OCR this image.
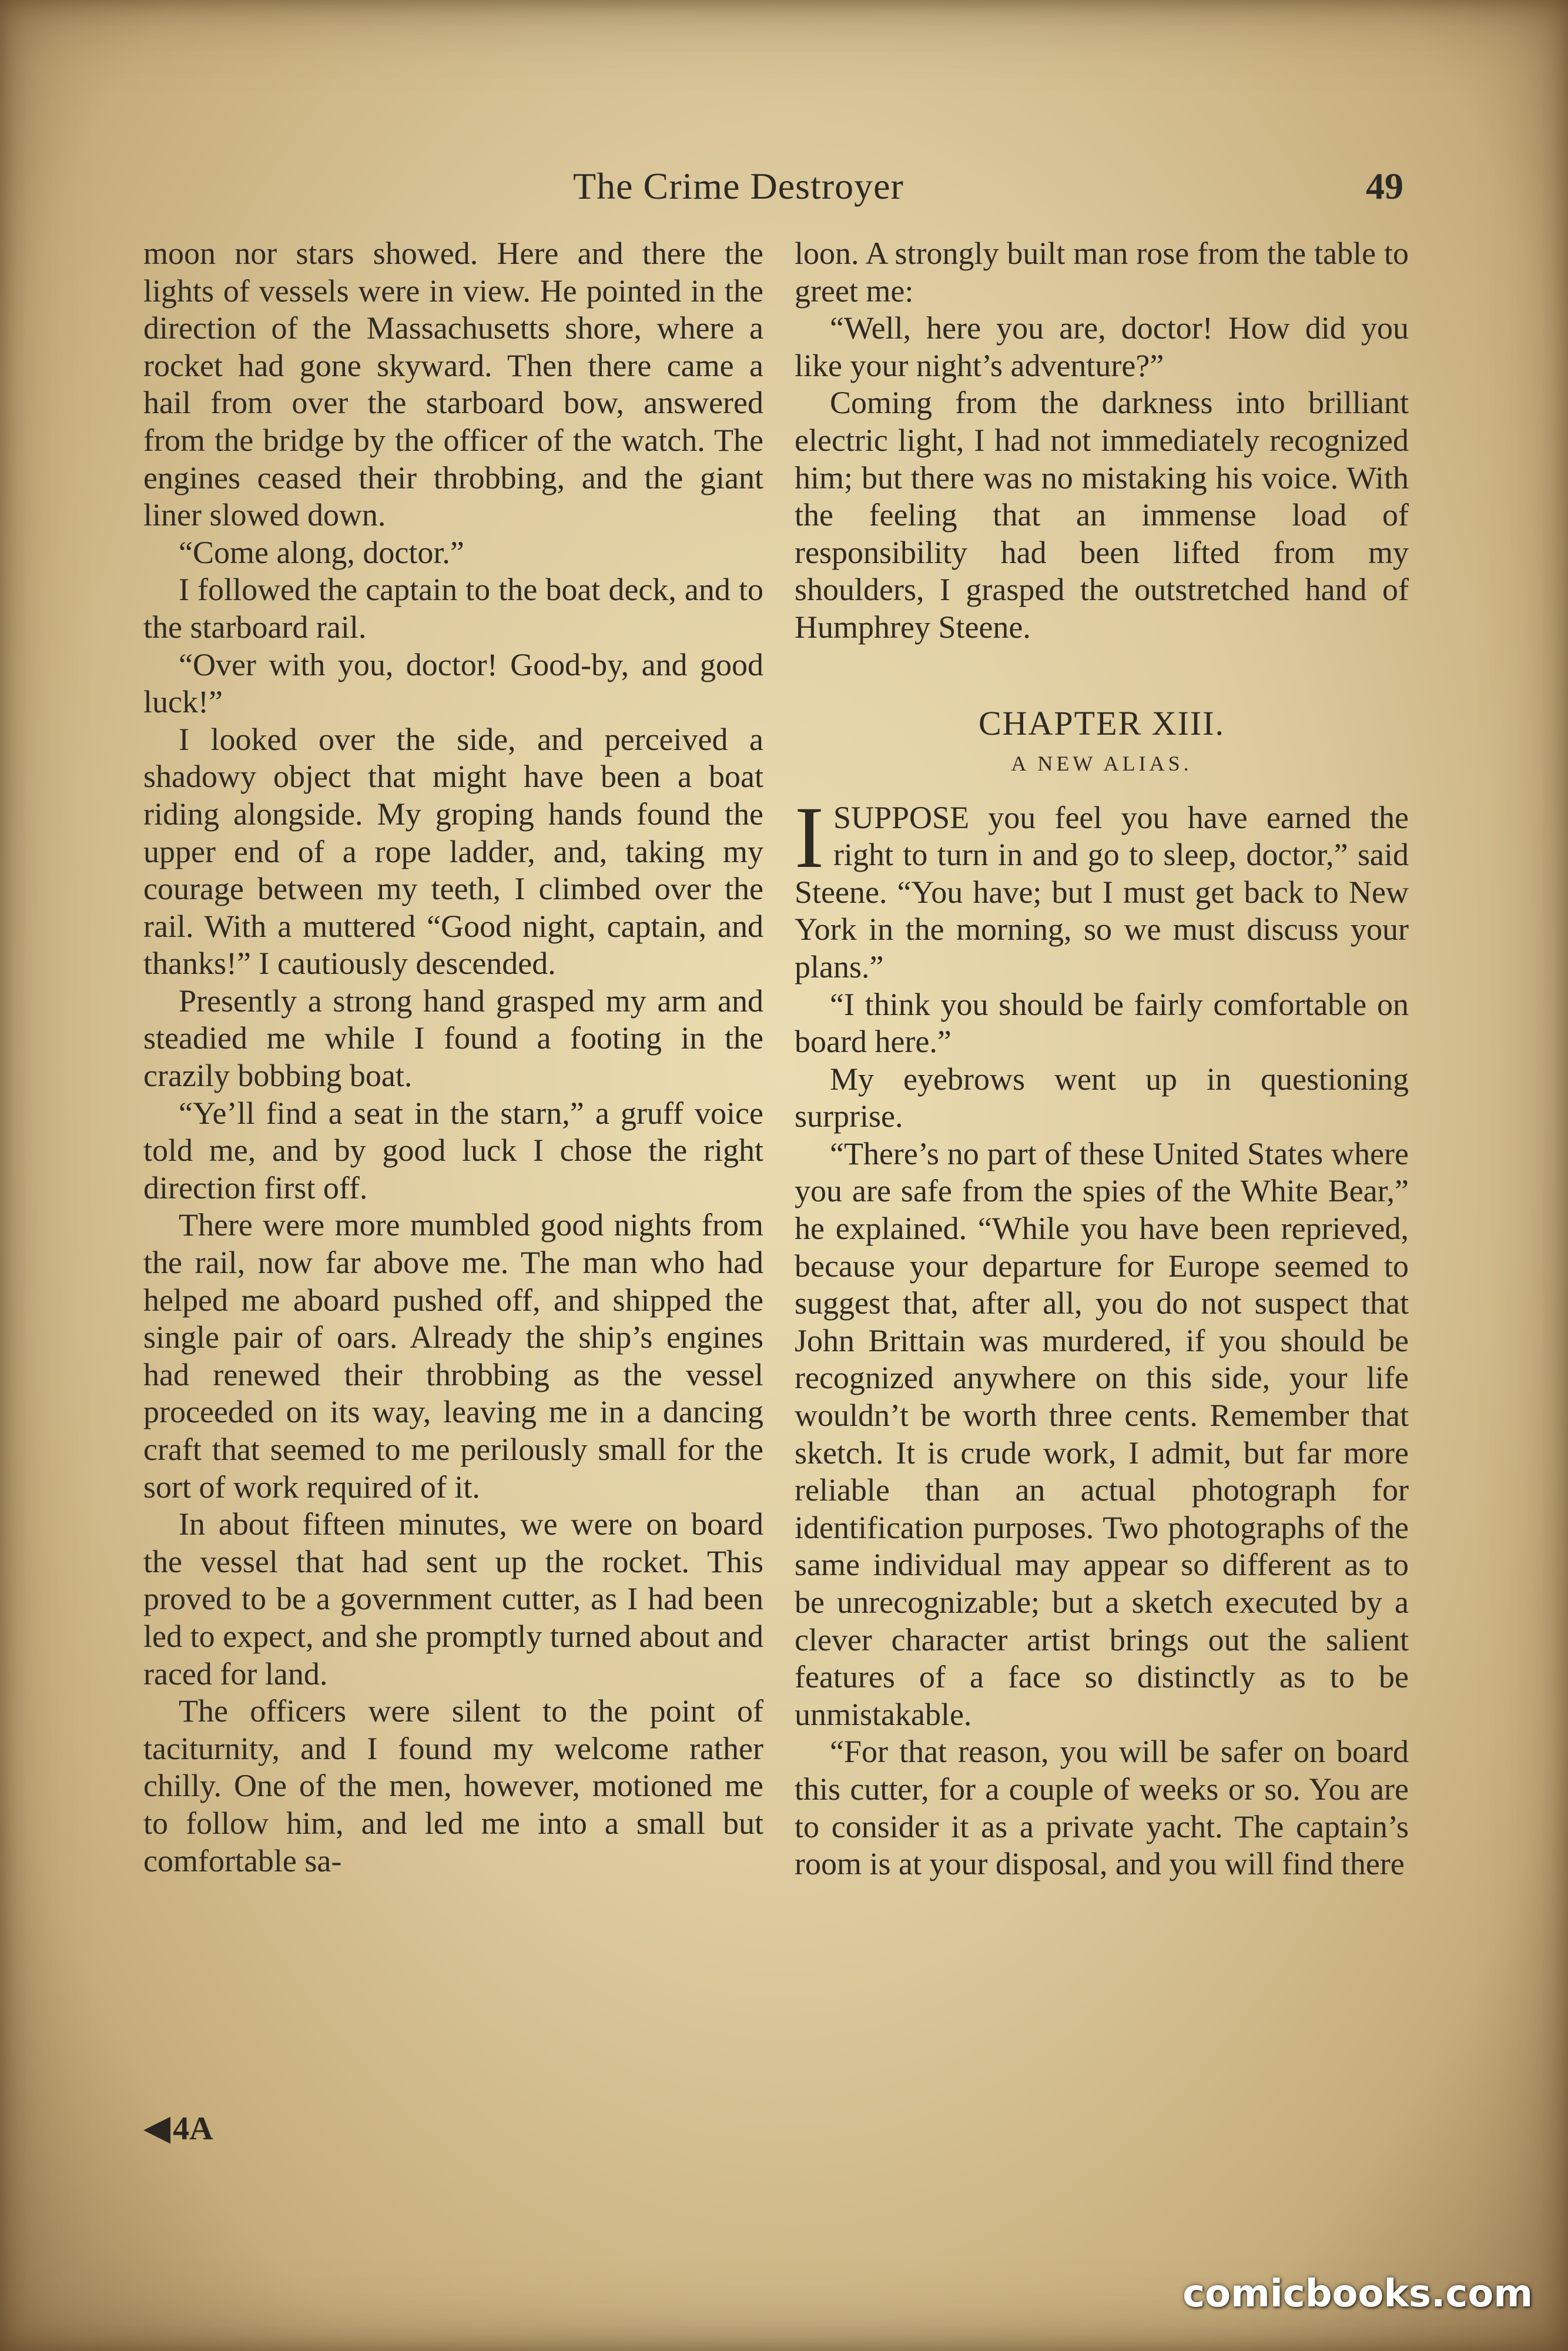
The Crime Destroyer	49

moon nor stars showed. Here and there the lights of vessels were in view. He pointed in the direction of the Massachusetts shore, where a rocket had gone skyward. Then there came a hail from over the starboard bow, answered from the bridge by the officer of the watch. The engines ceased their throbbing, and the giant liner slowed down.

“Come along, doctor.”

I followed the captain to the boat deck, and to the starboard rail.

“Over with you, doctor! Good-by, and good luck!”

I looked over the side, and perceived a shadowy object that might have been a boat riding alongside. My groping hands found the upper end of a rope ladder, and, taking my courage between my teeth, I climbed over the rail. With a muttered “Good night, captain, and thanks!” I cautiously descended.

Presently a strong hand grasped my arm and steadied me while I found a footing in the crazily bobbing boat.

“Ye’ll find a seat in the starn,” a gruff voice told me, and by good luck I chose the right direction first off.

There were more mumbled good nights from the rail, now far above me. The man who had helped me aboard pushed off, and shipped the single pair of oars. Already the ship’s engines had renewed their throbbing as the vessel proceeded on its way, leaving me in a dancing craft that seemed to me perilously small for the sort of work required of it.

In about fifteen minutes, we were on board the vessel that had sent up the rocket. This proved to be a government cutter, as I had been led to expect, and she promptly turned about and raced for land.

The officers were silent to the point of taciturnity, and I found my welcome rather chilly. One of the men, however, motioned me to follow him, and led me into a small but comfortable sa-

loon. A strongly built man rose from the table to greet me:

“Well, here you are, doctor! How did you like your night’s adventure?”

Coming from the darkness into brilliant electric light, I had not immediately recognized him; but there was no mistaking his voice. With the feeling that an immense load of responsibility had been lifted from my shoulders, I grasped the outstretched hand of Humphrey Steene.

CHAPTER XIII.
A NEW ALIAS.

ISUPPOSE you feel you have earned the right to turn in and go to sleep, doctor,” said Steene. “You have; but I must get back to New York in the morning, so we must discuss your plans.”

“I think you should be fairly comfortable on board here.”

My eyebrows went up in questioning surprise.

“There’s no part of these United States where you are safe from the spies of the White Bear,” he explained. “While you have been reprieved, because your departure for Europe seemed to suggest that, after all, you do not suspect that John Brittain was murdered, if you should be recognized anywhere on this side, your life wouldn’t be worth three cents. Remember that sketch. It is crude work, I admit, but far more reliable than an actual photograph for identification purposes. Two photographs of the same individual may appear so different as to be unrecognizable; but a sketch executed by a clever character artist brings out the salient features of a face so distinctly as to be unmistakable.

“For that reason, you will be safer on board this cutter, for a couple of weeks or so. You are to consider it as a private yacht. The captain’s room is at your disposal, and you will find there

◀4A
comicbooks.com
